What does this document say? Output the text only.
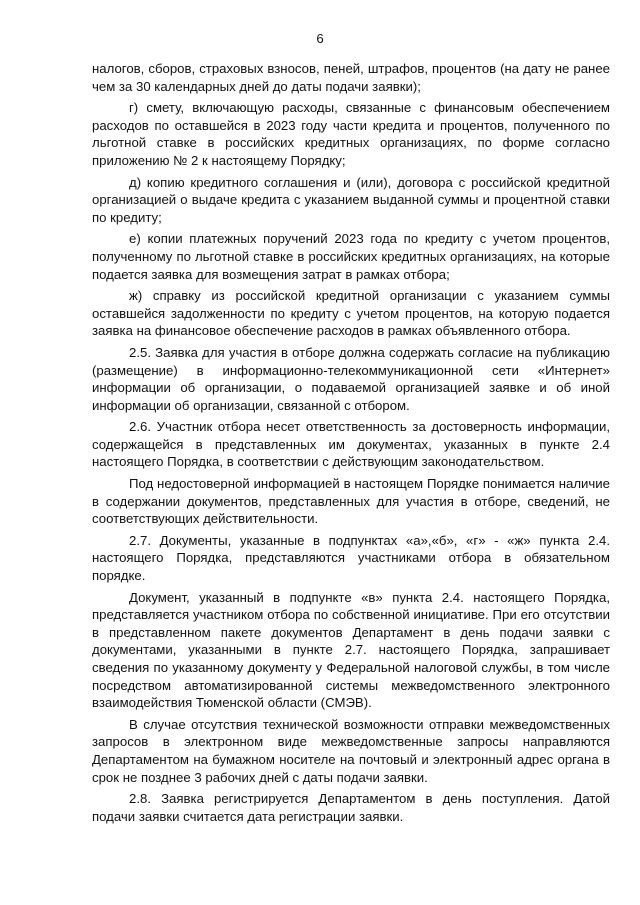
6

налогов, сборов, страховых взносов, пеней, штрафов, процентов (на дату не ранее чем за 30 календарных дней до даты подачи заявки);

г) смету, включающую расходы, связанные с финансовым обеспечением расходов по оставшейся в 2023 году части кредита и процентов, полученного по льготной ставке в российских кредитных организациях, по форме согласно приложению № 2 к настоящему Порядку;

д) копию кредитного соглашения и (или), договора с российской кредитной организацией о выдаче кредита с указанием выданной суммы и процентной ставки по кредиту;

е) копии платежных поручений 2023 года по кредиту с учетом процентов, полученному по льготной ставке в российских кредитных организациях, на которые подается заявка для возмещения затрат в рамках отбора;

ж) справку из российской кредитной организации с указанием суммы оставшейся задолженности по кредиту с учетом процентов, на которую подается заявка на финансовое обеспечение расходов в рамках объявленного отбора.

2.5. Заявка для участия в отборе должна содержать согласие на публикацию (размещение) в информационно-телекоммуникационной сети «Интернет» информации об организации, о подаваемой организацией заявке и об иной информации об организации, связанной с отбором.

2.6. Участник отбора несет ответственность за достоверность информации, содержащейся в представленных им документах, указанных в пункте 2.4 настоящего Порядка, в соответствии с действующим законодательством.

Под недостоверной информацией в настоящем Порядке понимается наличие в содержании документов, представленных для участия в отборе, сведений, не соответствующих действительности.

2.7. Документы, указанные в подпунктах «а»,«б», «г» - «ж» пункта 2.4. настоящего Порядка, представляются участниками отбора в обязательном порядке.

Документ, указанный в подпункте «в» пункта 2.4. настоящего Порядка, представляется участником отбора по собственной инициативе. При его отсутствии в представленном пакете документов Департамент в день подачи заявки с документами, указанными в пункте 2.7. настоящего Порядка, запрашивает сведения по указанному документу у Федеральной налоговой службы, в том числе посредством автоматизированной системы межведомственного электронного взаимодействия Тюменской области (СМЭВ).

В случае отсутствия технической возможности отправки межведомственных запросов в электронном виде межведомственные запросы направляются Департаментом на бумажном носителе на почтовый и электронный адрес органа в срок не позднее 3 рабочих дней с даты подачи заявки.

2.8. Заявка регистрируется Департаментом в день поступления. Датой подачи заявки считается дата регистрации заявки.
